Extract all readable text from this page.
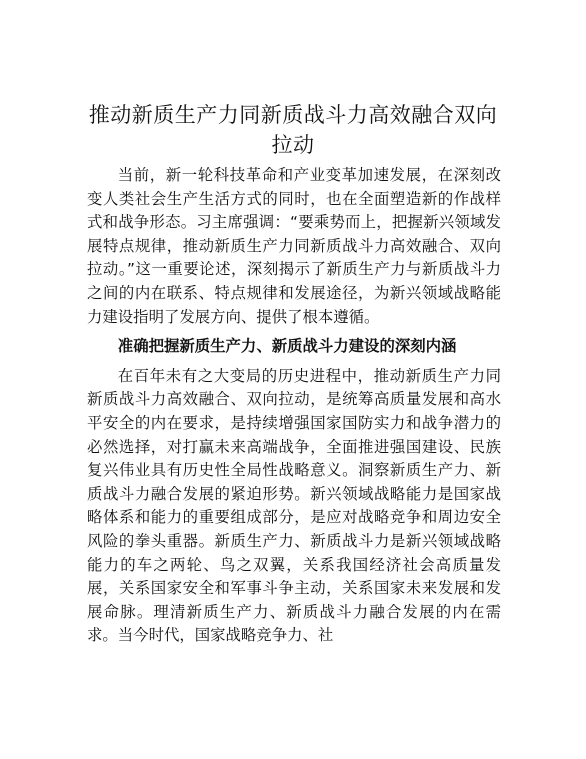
推动新质生产力同新质战斗力高效融合双向拉动

当前，新一轮科技革命和产业变革加速发展，在深刻改变人类社会生产生活方式的同时，也在全面塑造新的作战样式和战争形态。习主席强调：“要乘势而上，把握新兴领域发展特点规律，推动新质生产力同新质战斗力高效融合、双向拉动。”这一重要论述，深刻揭示了新质生产力与新质战斗力之间的内在联系、特点规律和发展途径，为新兴领域战略能力建设指明了发展方向、提供了根本遵循。

准确把握新质生产力、新质战斗力建设的深刻内涵

在百年未有之大变局的历史进程中，推动新质生产力同新质战斗力高效融合、双向拉动，是统筹高质量发展和高水平安全的内在要求，是持续增强国家国防实力和战争潜力的必然选择，对打赢未来高端战争，全面推进强国建设、民族复兴伟业具有历史性全局性战略意义。洞察新质生产力、新质战斗力融合发展的紧迫形势。新兴领域战略能力是国家战略体系和能力的重要组成部分，是应对战略竞争和周边安全风险的拳头重器。新质生产力、新质战斗力是新兴领域战略能力的车之两轮、鸟之双翼，关系我国经济社会高质量发展，关系国家安全和军事斗争主动，关系国家未来发展和发展命脉。理清新质生产力、新质战斗力融合发展的内在需求。当今时代，国家战略竞争力、社
